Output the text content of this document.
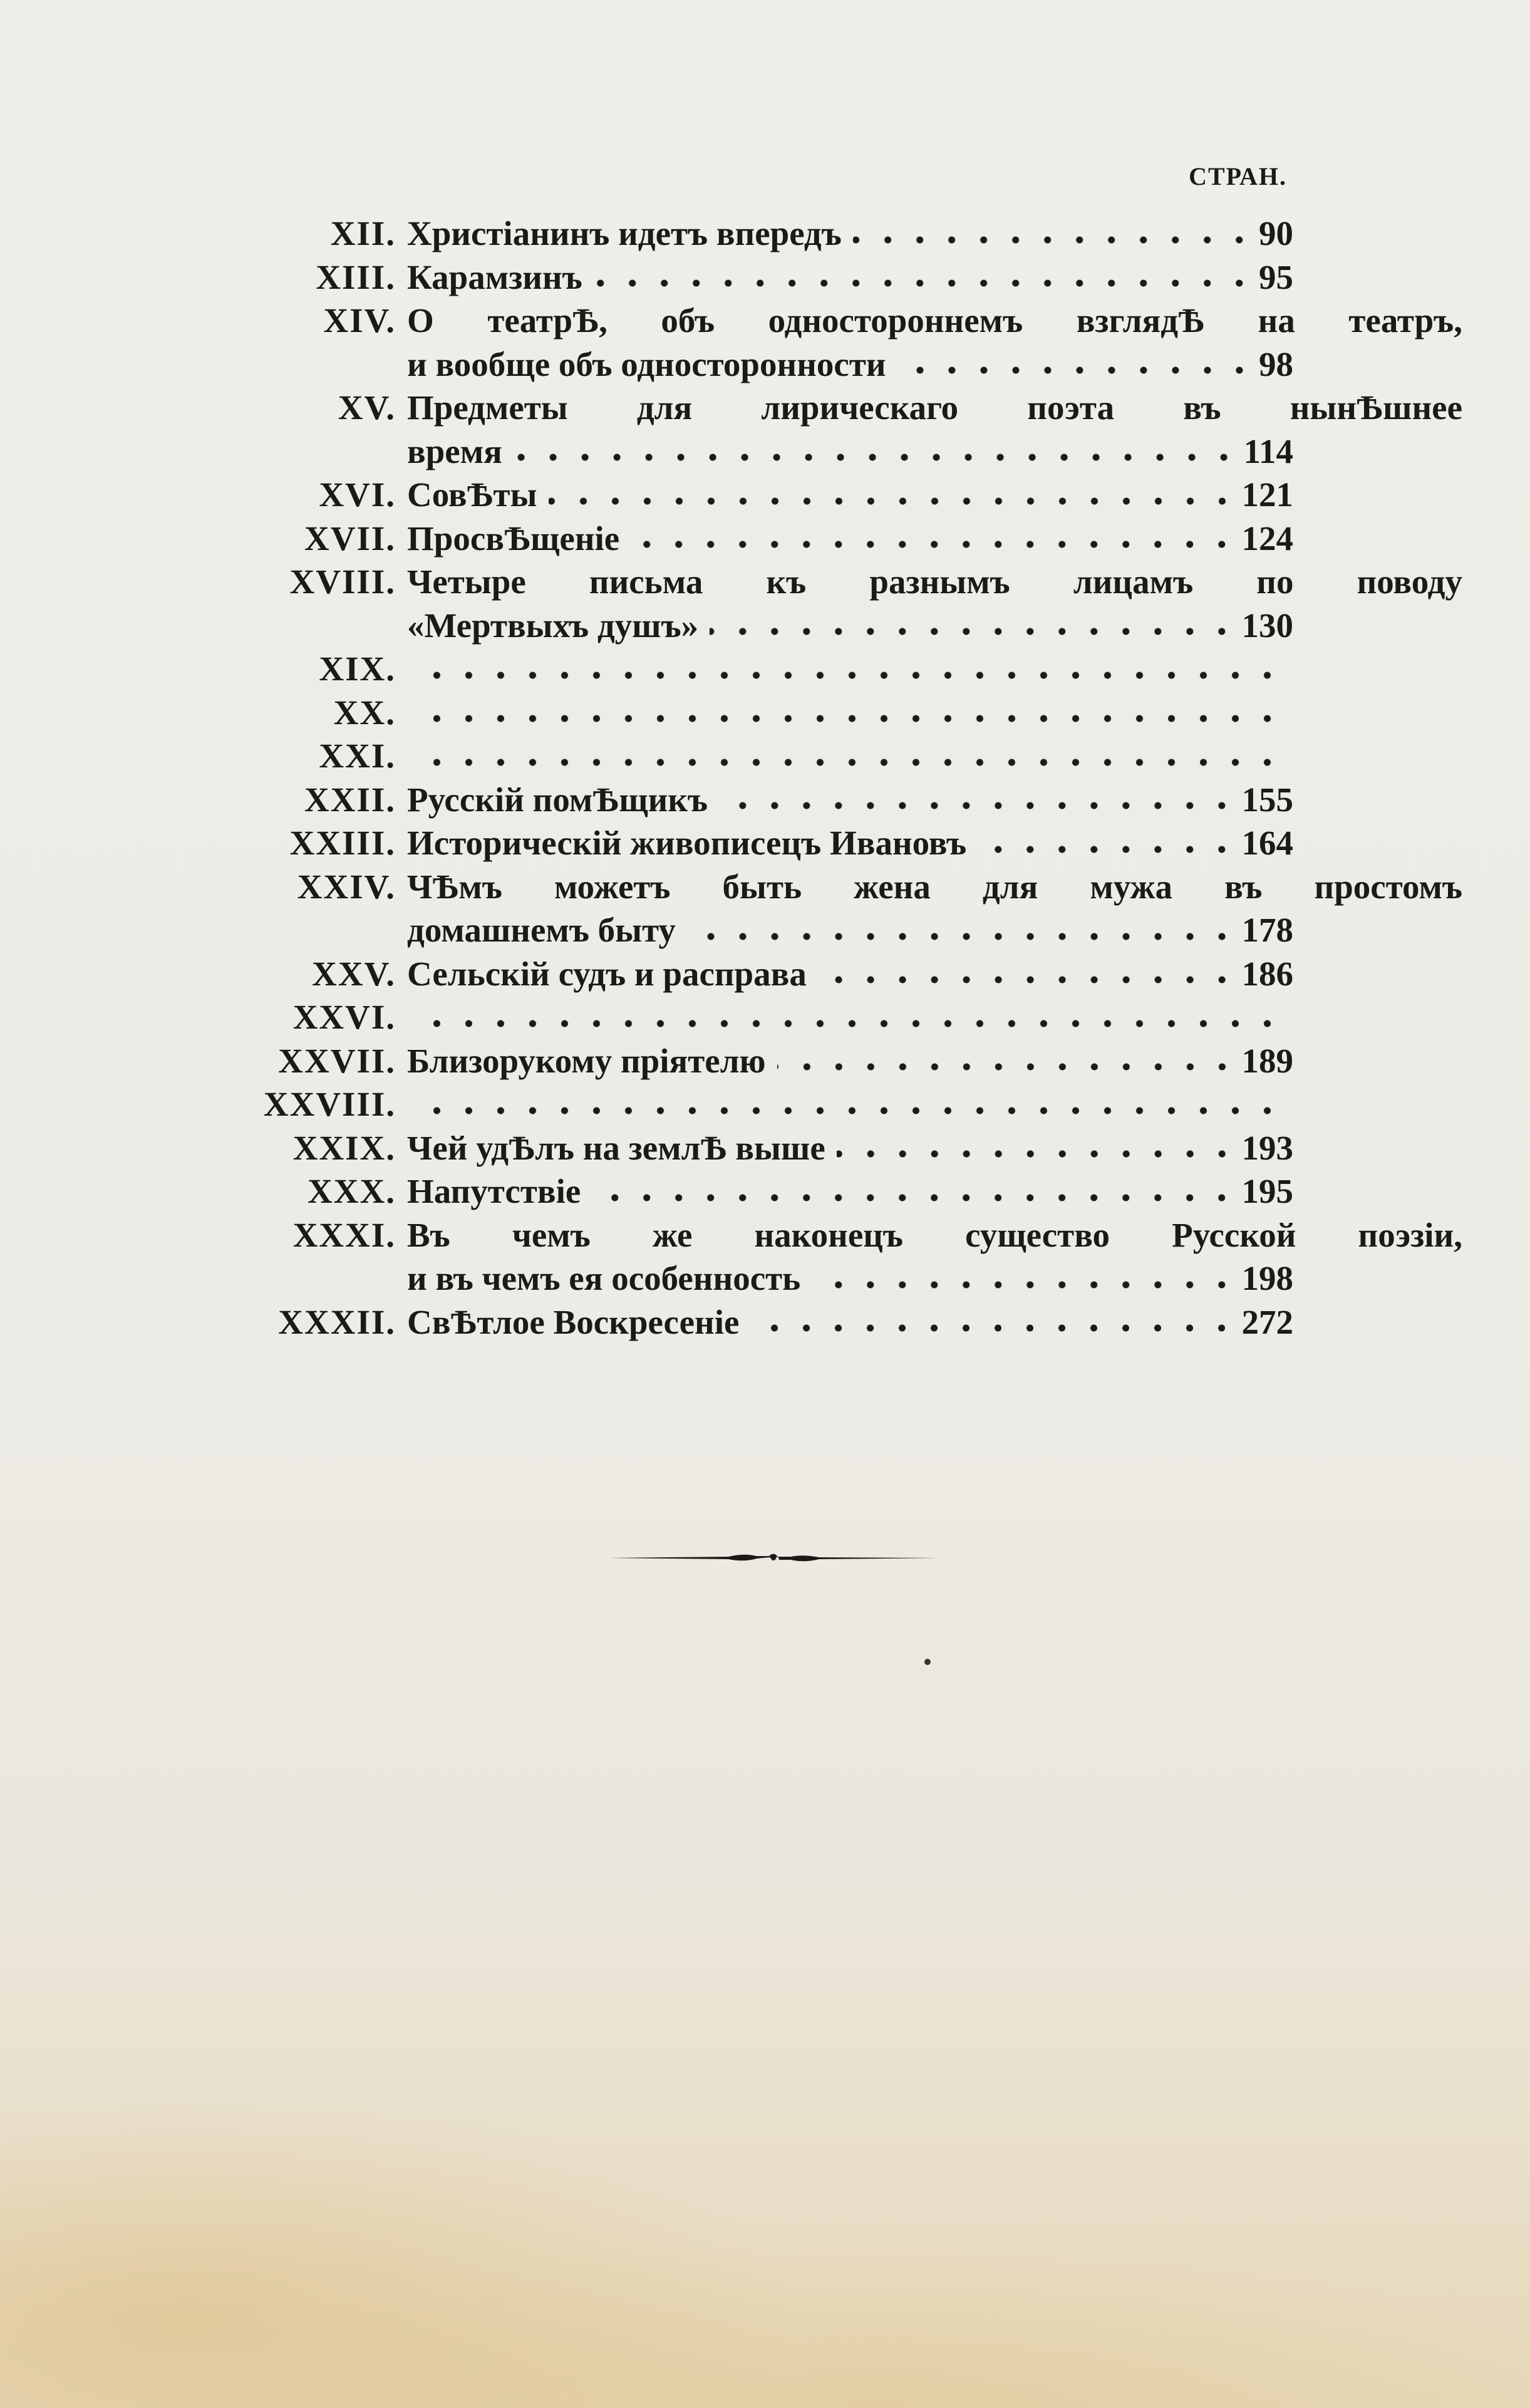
СТРАН.
XII. Христіанинъ идетъ впередъ	90
XIII. Карамзинъ	95
XIV. О театрѢ, объ одностороннемъ взглядѢ на театръ,
и вообще объ односторонности	98
XV. Предметы для лирическаго поэта въ нынѢшнее
время	114
XVI. СовѢты	121
XVII. ПросвѢщеніе	124
XVIII. Четыре письма къ разнымъ лицамъ по поводу
«Мертвыхъ душъ»	130
XIX.
XX.
XXI.
XXII. Русскій помѢщикъ	155
XXIII. Историческій живописецъ Ивановъ	164
XXIV. ЧѢмъ можетъ быть жена для мужа въ простомъ
домашнемъ быту	178
XXV. Сельскій судъ и расправа	186
XXVI.
XXVII. Близорукому пріятелю	189
XXVIII.
XXIX. Чей удѢлъ на землѢ выше	193
XXX. Напутствіе	195
XXXI. Въ чемъ же наконецъ существо Русской поэзіи,
и въ чемъ ея особенность	198
XXXII. СвѢтлое Воскресеніе	272
